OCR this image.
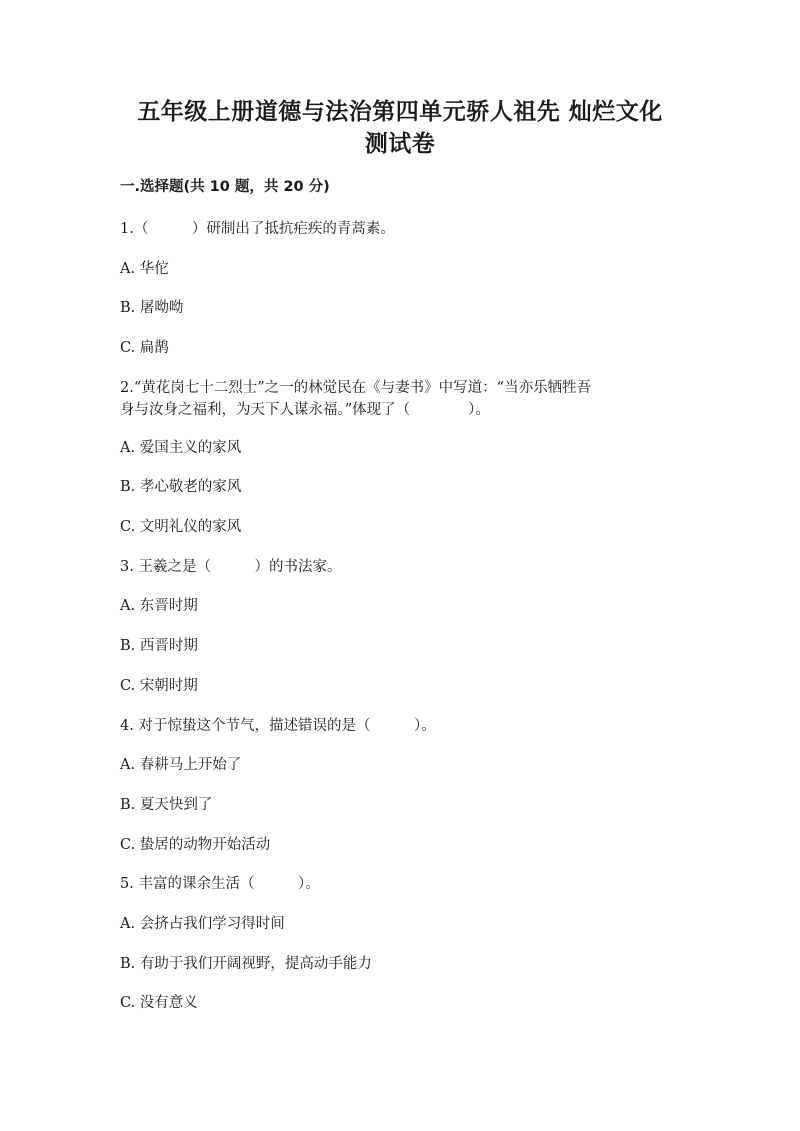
五年级上册道德与法治第四单元骄人祖先 灿烂文化
测试卷
一.选择题(共 10 题，共 20 分)
1.（　　　）研制出了抵抗疟疾的青蒿素。
A. 华佗
B. 屠呦呦
C. 扁鹊
2.“黄花岗七十二烈士”之一的林觉民在《与妻书》中写道：“当亦乐牺牲吾
身与汝身之福利，为天下人谋永福。”体现了（　　　　）。
A. 爱国主义的家风
B. 孝心敬老的家风
C. 文明礼仪的家风
3. 王羲之是（　　　）的书法家。
A. 东晋时期
B. 西晋时期
C. 宋朝时期
4. 对于惊蛰这个节气，描述错误的是（　　　）。
A. 春耕马上开始了
B. 夏天快到了
C. 蛰居的动物开始活动
5. 丰富的课余生活（　　　）。
A. 会挤占我们学习得时间
B. 有助于我们开阔视野，提高动手能力
C. 没有意义
